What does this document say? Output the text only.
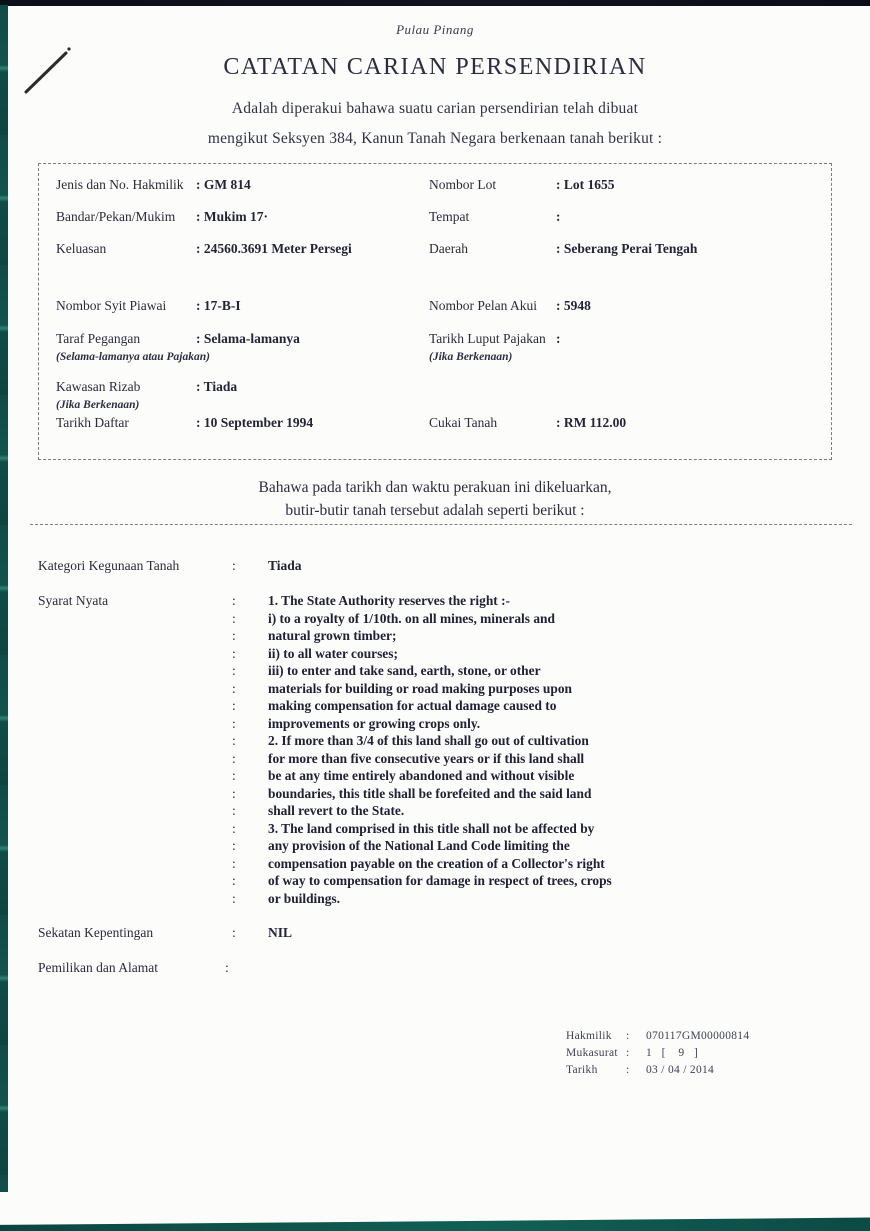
Pulau Pinang
CATATAN CARIAN PERSENDIRIAN
Adalah diperakui bahawa suatu carian persendirian telah dibuat
mengikut Seksyen 384, Kanun Tanah Negara berkenaan tanah berikut :
Jenis dan No. Hakmilik : GM 814	Nombor Lot	: Lot 1655
Bandar/Pekan/Mukim : Mukim 17·	Tempat	:
Keluasan	: 24560.3691 Meter Persegi	Daerah	: Seberang Perai Tengah
Nombor Syit Piawai : 17-B-I	Nombor Pelan Akui : 5948
Taraf Pegangan	: Selama-lamanya	Tarikh Luput Pajakan :
(Selama-lamanya atau Pajakan)	(Jika Berkenaan)
Kawasan Rizab	: Tiada
(Jika Berkenaan)
Tarikh Daftar	: 10 September 1994	Cukai Tanah	: RM 112.00
Bahawa pada tarikh dan waktu perakuan ini dikeluarkan,
butir-butir tanah tersebut adalah seperti berikut :
Kategori Kegunaan Tanah	: Tiada
Syarat Nyata	:	1. The State Authority reserves the right :-
:	i) to a royalty of 1/10th. on all mines, minerals and
:	natural grown timber;
:	ii) to all water courses;
:	iii) to enter and take sand, earth, stone, or other
:	materials for building or road making purposes upon
:	making compensation for actual damage caused to
:	improvements or growing crops only.
:	2. If more than 3/4 of this land shall go out of cultivation
:	for more than five consecutive years or if this land shall
:	be at any time entirely abandoned and without visible
:	boundaries, this title shall be forefeited and the said land
:	shall revert to the State.
:	3. The land comprised in this title shall not be affected by
:	any provision of the National Land Code limiting the
:	compensation payable on the creation of a Collector's right
:	of way to compensation for damage in respect of trees, crops
:	or buildings.
Sekatan Kepentingan	: NIL
Pemilikan dan Alamat	:
Hakmilik	:	070117GM00000814
Mukasurat :	1   [    9   ]
Tarikh	:	03 / 04 / 2014
